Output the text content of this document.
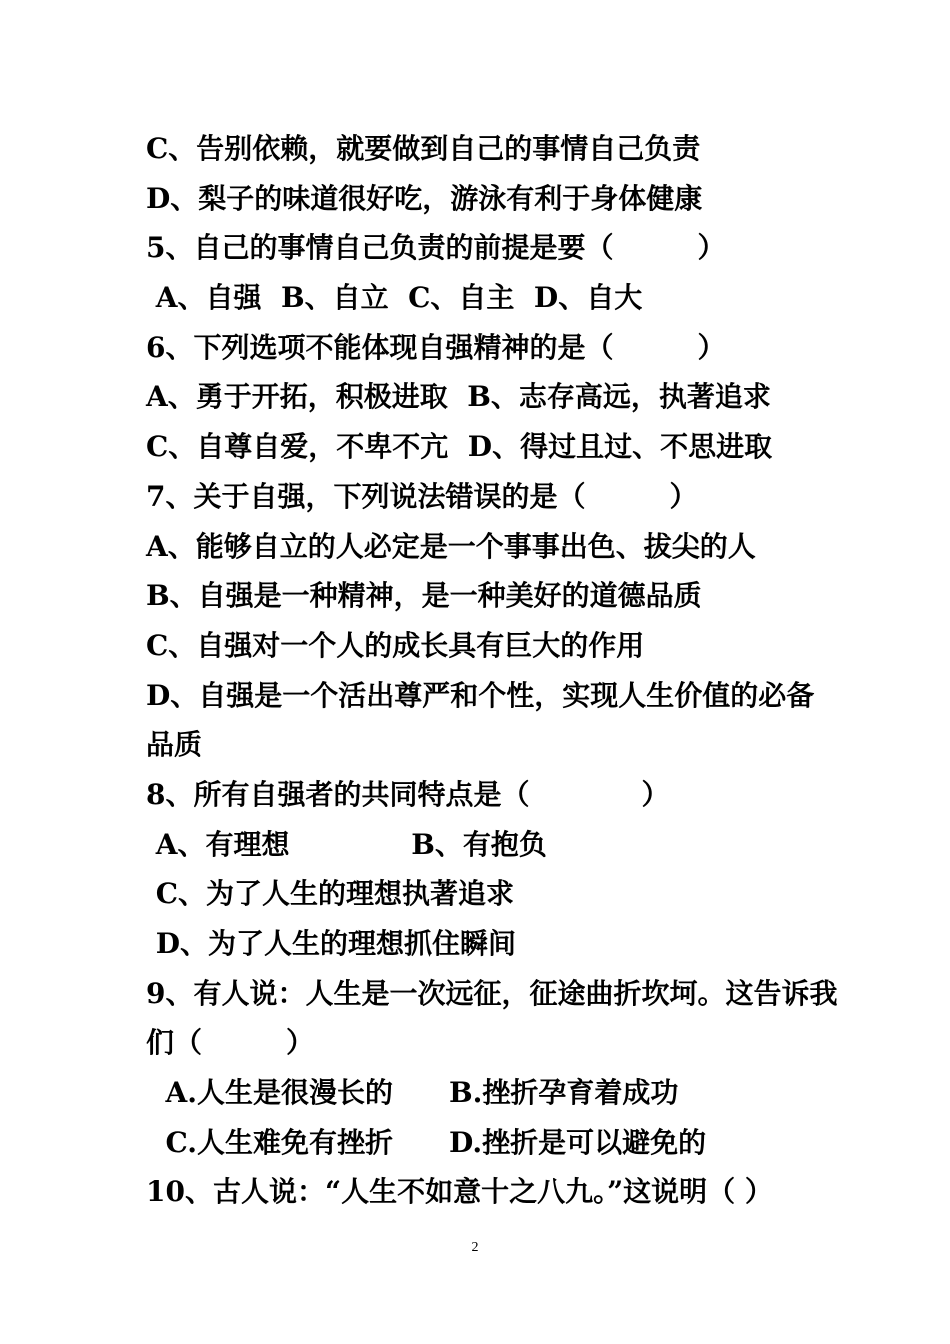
C、告别依赖，就要做到自己的事情自己负责
D、梨子的味道很好吃，游泳有利于身体健康
5、自己的事情自己负责的前提是要（　　　）
A、自强  B、自立  C、自主  D、自大
6、下列选项不能体现自强精神的是（　　　）
A、勇于开拓，积极进取  B、志存高远，执著追求
C、自尊自爱，不卑不亢  D、得过且过、不思进取
7、关于自强，下列说法错误的是（　　　）
A、能够自立的人必定是一个事事出色、拔尖的人
B、自强是一种精神，是一种美好的道德品质
C、自强对一个人的成长具有巨大的作用
D、自强是一个活出尊严和个性，实现人生价值的必备
品质
8、所有自强者的共同特点是（　　　　）
A、有理想　　　　 B、有抱负
C、为了人生的理想执著追求
D、为了人生的理想抓住瞬间
9、有人说：人生是一次远征，征途曲折坎坷。这告诉我
们（　　　）
A.人生是很漫长的　　B.挫折孕育着成功
C.人生难免有挫折　　D.挫折是可以避免的
10、古人说：“人生不如意十之八九。”这说明（ ）
2
